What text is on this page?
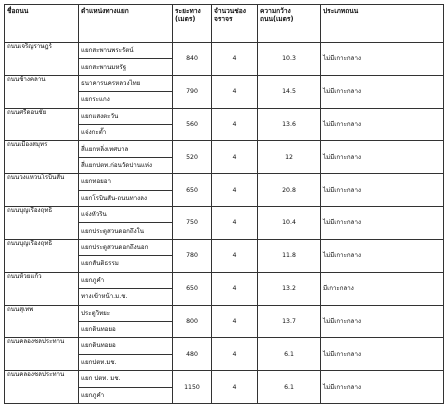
ชื่อถนน	ตำแหน่งทางแยก	ระยะทาง (เมตร)	จำนวนช่องจราจร	ความกว้างถนน(เมตร)	ประเภทถนน
ถนนเจริญราษฎร์	แยกสะพานพระรัตน์	840	4	10.3	ไม่มีเกาะกลาง
	แยกสะพานมหรัฐ				
ถนนช้างคลาน	ธนาคารนครหลวงไทย	790	4	14.5	ไม่มีเกาะกลาง
	แยกระแกง				
ถนนศรีดอนชัย	แยกแสงตะวัน	560	4	13.6	ไม่มีเกาะกลาง
	แจ่งกะต๊ำ				
ถนนเมืองสมุทร	สี่แยกหลิ่งเทศบาล	520	4	12	ไม่มีเกาะกลาง
	สี่แยกปตท.ก่อนวัดปานแห่ง				
ถนนวงแหวนโรบินสัน	แยกทอยอา	650	4	20.8	ไม่มีเกาะกลาง
	แยกโรบินสัน-ถนนทางลง				
ถนนบุญเรืองฤทธิ์	แจ่งหัวริน	750	4	10.4	ไม่มีเกาะกลาง
	แยกประตูสวนดอกถึงใน				
ถนนบุญเรืองฤทธิ์	แยกประตูสวนดอกถึงนอก	780	4	11.8	ไม่มีเกาะกลาง
	แยกสันติธรรม				
ถนนห้วยแก้ว	แยกภูคำ	650	4	13.2	มีเกาะกลาง
	ทางเข้าหน้า.ม.ช.				
ถนนสุเทพ	ประตูวิทยะ	800	4	13.7	ไม่มีเกาะกลาง
	แยกดินทอยอ				
ถนนคลองชลประทาน	แยกดินทอยอ	480	4	6.1	ไม่มีเกาะกลาง
	แยกปตท.มช.				
ถนนคลองชลประทาน	แยก ปตท. มช.	1150	4	6.1	ไม่มีเกาะกลาง
	แยกภูคำ				
